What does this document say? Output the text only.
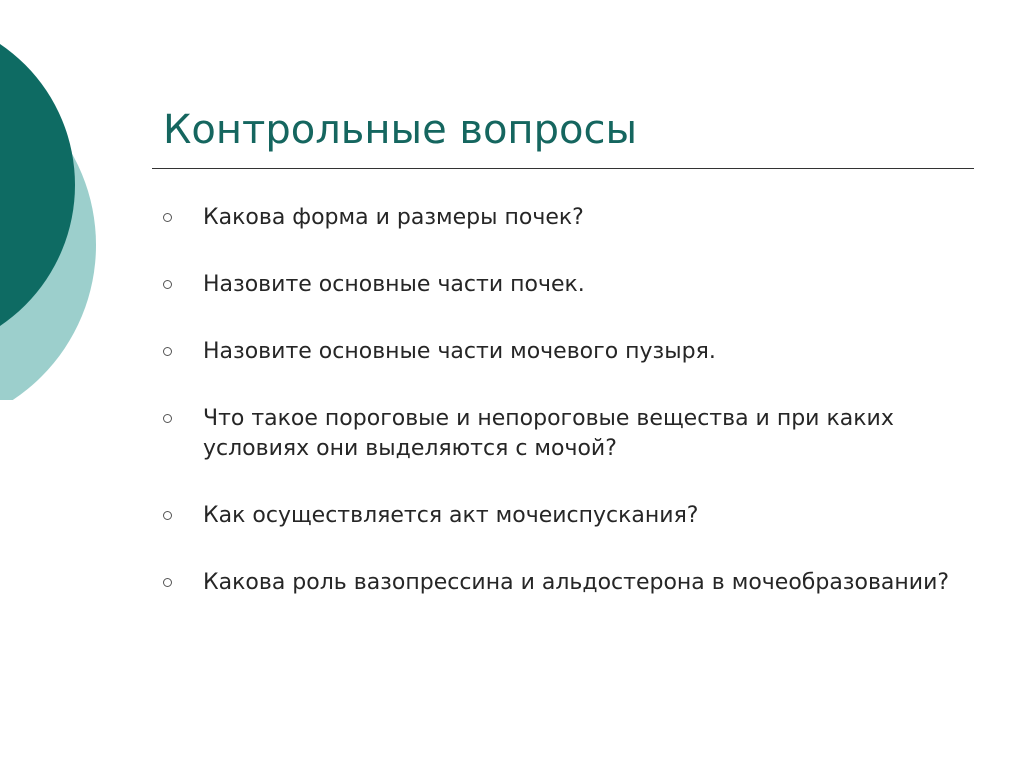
Контрольные вопросы
Какова форма и размеры почек?
Назовите основные части почек.
Назовите основные части мочевого пузыря.
Что такое пороговые и непороговые вещества и при каких условиях они выделяются с мочой?
Как осуществляется акт мочеиспускания?
Какова роль вазопрессина и альдостерона в мочеобразовании?
